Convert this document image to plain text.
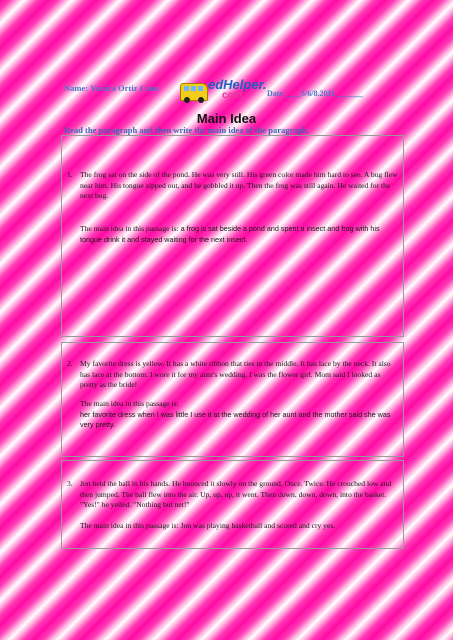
Name: Yessica Ortiz Cano	edHelper.
com	Date ____3/6/8.2011_______
Main Idea
Read the paragraph and then write the main idea of the paragraph.
1. The frog sat on the side of the pond. He was very still. His green color made him hard to see. A bug flew near him. His tongue zipped out, and he gobbled it up. Then the frog was still again. He waited for the next bug.
The main idea in this passage is: a frog is sat beside a pond and spent a insect and frog with his tongue drink it and stayed waiting for the next insect.
2. My favorite dress is yellow. It has a white ribbon that ties in the middle. It has lace by the neck. It also has lace at the bottom. I wore it for my aunt's wedding. I was the flower girl. Mom said I looked as pretty as the bride!
The main idea in this passage is:
her favorite dress when I was little I use it at the wedding of her aunt and the mother said she was very pretty.
3. Jon held the ball in his hands. He bounced it slowly on the ground. Once. Twice. He crouched low and then jumped. The ball flew into the air. Up, up, up, it went. Then down, down, down, into the basket. "Yes!" he yelled. "Nothing but net!"
The main idea in this passage is: Jon was playing basketball and scored and cry yes.
